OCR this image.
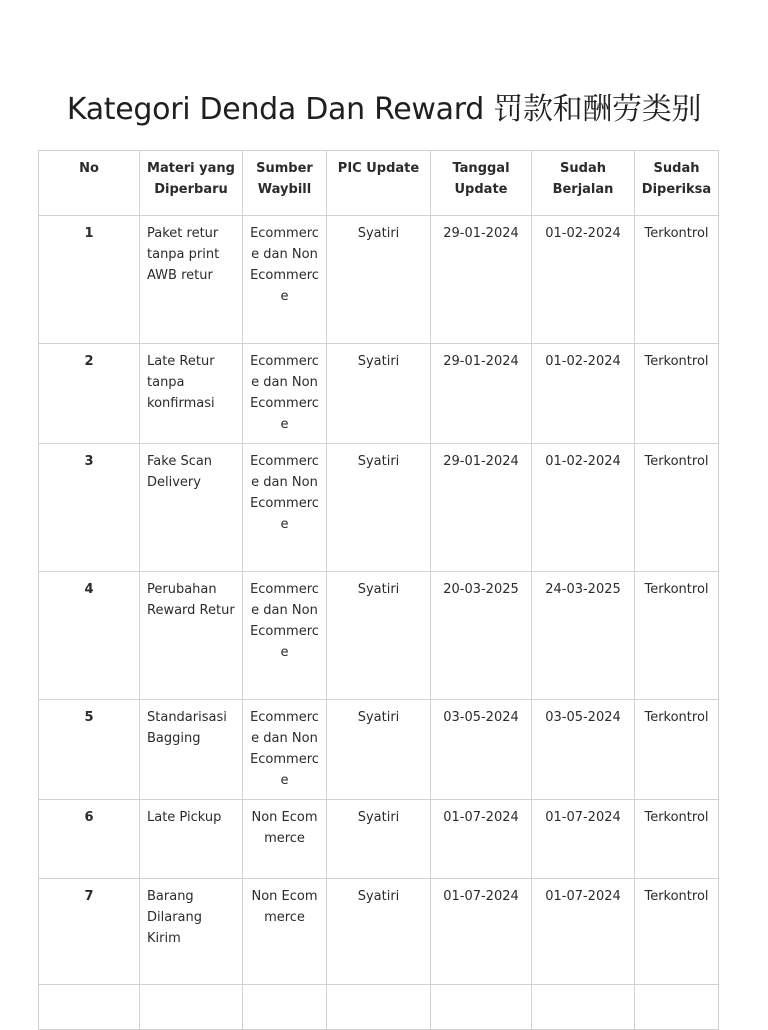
Kategori Denda Dan Reward 罚款和酬劳类别
No	Materi yang Diperbaru	Sumber Waybill	PIC Update	Tanggal Update	Sudah Berjalan	Sudah Diperiksa
1	Paket retur tanpa print AWB retur	Ecommerce dan Non Ecommerce	Syatiri	29-01-2024	01-02-2024	Terkontrol
2	Late Retur tanpa konfirmasi	Ecommerce dan Non Ecommerce	Syatiri	29-01-2024	01-02-2024	Terkontrol
3	Fake Scan Delivery	Ecommerce dan Non Ecommerce	Syatiri	29-01-2024	01-02-2024	Terkontrol
4	Perubahan Reward Retur	Ecommerce dan Non Ecommerce	Syatiri	20-03-2025	24-03-2025	Terkontrol
5	Standarisasi Bagging	Ecommerce dan Non Ecommerce	Syatiri	03-05-2024	03-05-2024	Terkontrol
6	Late Pickup	Non Ecommerce	Syatiri	01-07-2024	01-07-2024	Terkontrol
7	Barang Dilarang Kirim	Non Ecommerce	Syatiri	01-07-2024	01-07-2024	Terkontrol
